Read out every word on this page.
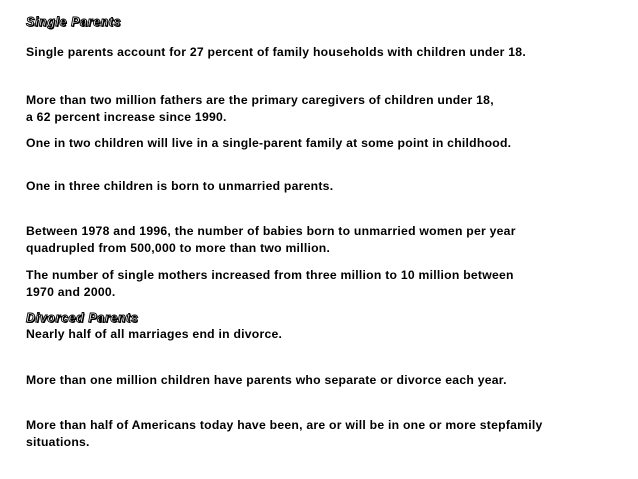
Single Parents
Single parents account for 27 percent of family households with children under 18.
More than two million fathers are the primary caregivers of children under 18,
a 62 percent increase since 1990.
One in two children will live in a single-parent family at some point in childhood.
One in three children is born to unmarried parents.
Between 1978 and 1996, the number of babies born to unmarried women per year
quadrupled from 500,000 to more than two million.
The number of single mothers increased from three million to 10 million between
1970 and 2000.
Divorced Parents
Nearly half of all marriages end in divorce.
More than one million children have parents who separate or divorce each year.
More than half of Americans today have been, are or will be in one or more stepfamily
situations.
